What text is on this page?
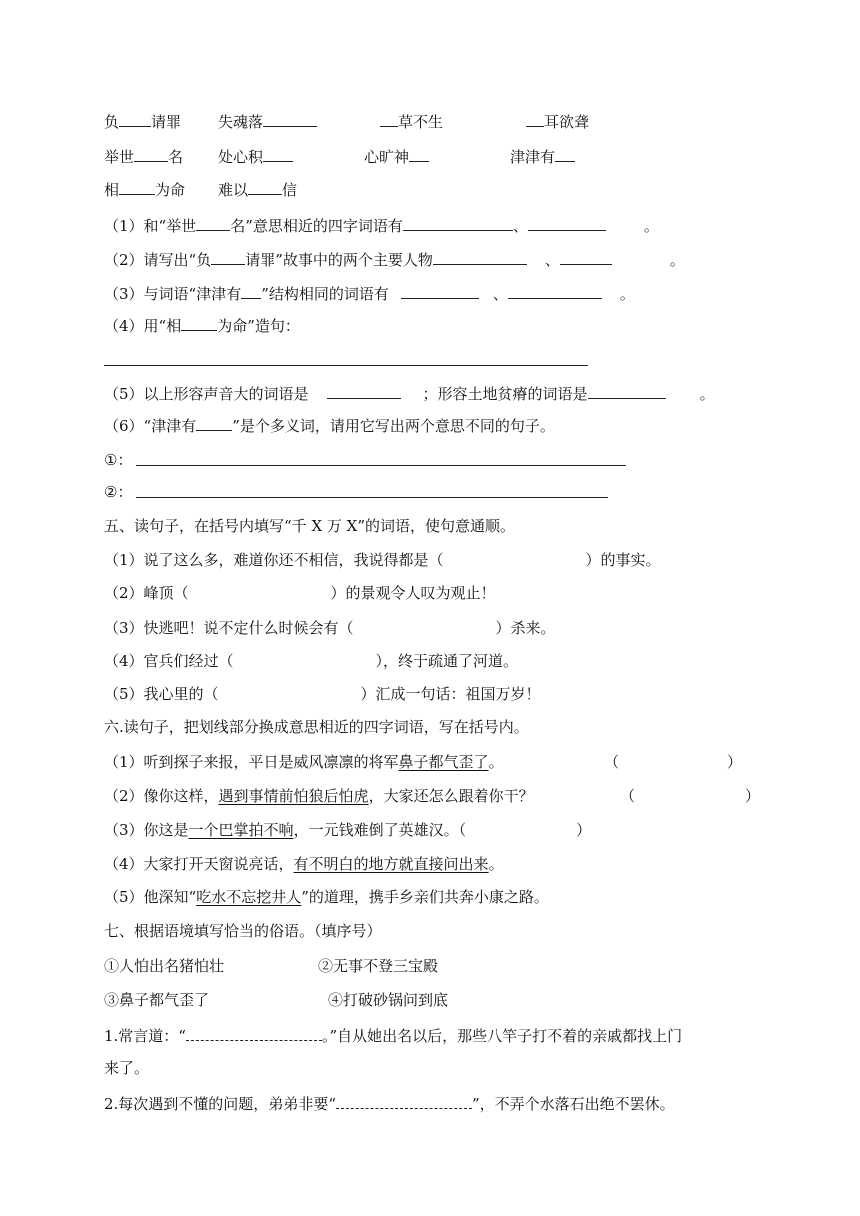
负 请罪 失魂落	草不生	耳欲聋
举世 名 处心积	心旷神	津津有
相 为命 难以 信
（1）和“举世 名”意思相近的四字词语有	、	。
（2）请写出“负 请罪”故事中的两个主要人物	、	。
（3）与词语“津津有 ”结构相同的词语有	、	。
（4）用“相 为命”造句：
（5）以上形容声音大的词语是	；形容土地贫瘠的词语是	。
（6）“津津有 ”是个多义词，请用它写出两个意思不同的句子。
①：
②：
五、读句子，在括号内填写“千 X 万 X”的词语，使句意通顺。
（1）说了这么多，难道你还不相信，我说得都是（	）的事实。
（2）峰顶（	）的景观令人叹为观止！
（3）快逃吧！说不定什么时候会有（	）杀来。
（4）官兵们经过（	），终于疏通了河道。
（5）我心里的（	）汇成一句话：祖国万岁！
六.读句子，把划线部分换成意思相近的四字词语，写在括号内。
（1）听到探子来报，平日是威风凛凛的将军鼻子都气歪了。	（	）
（2）像你这样，遇到事情前怕狼后怕虎，大家还怎么跟着你干？	（	）
（3）你这是一个巴掌拍不响，一元钱难倒了英雄汉。（	）
（4）大家打开天窗说亮话，有不明白的地方就直接问出来。
（5）他深知“吃水不忘挖井人”的道理，携手乡亲们共奔小康之路。
七、根据语境填写恰当的俗语。（填序号）
①人怕出名猪怕壮	②无事不登三宝殿
③鼻子都气歪了	④打破砂锅问到底
1.常言道：“	。”自从她出名以后，那些八竿子打不着的亲戚都找上门
来了。
2.每次遇到不懂的问题，弟弟非要“	”，不弄个水落石出绝不罢休。
